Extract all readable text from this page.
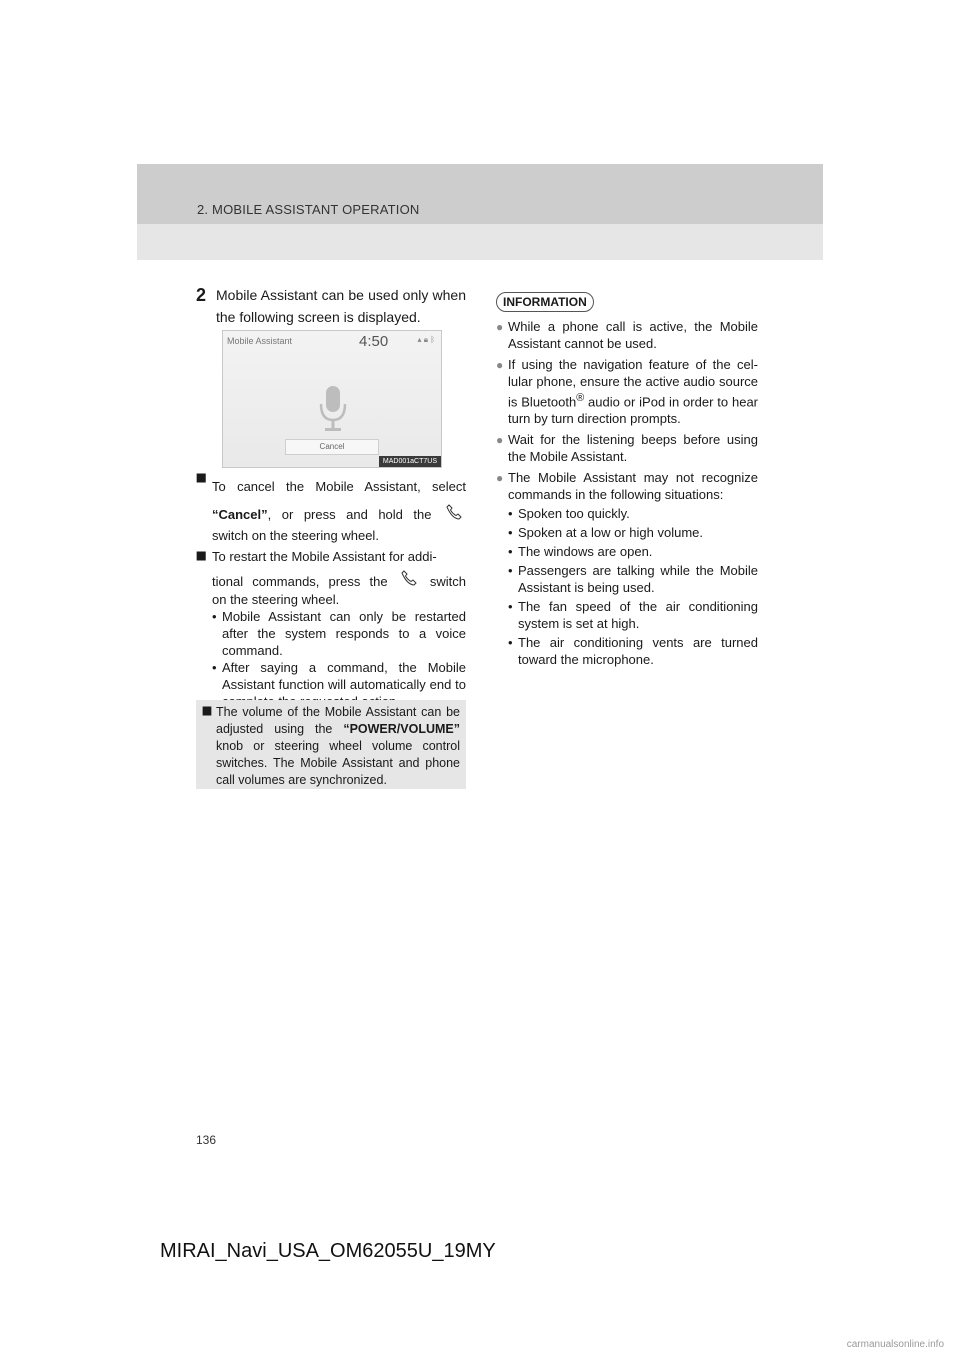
2. MOBILE ASSISTANT OPERATION
2 Mobile Assistant can be used only when the following screen is displayed.
Mobile Assistant	4:50	▴ 🔒︎ ᛒ
Cancel
MAD001aCT7US
⯀
To cancel the Mobile Assistant, select
“Cancel”, or press and hold the
switch on the steering wheel.
⯀ To restart the Mobile Assistant for addi-
tional commands, press the	switch
on the steering wheel.
• Mobile Assistant can only be restarted after the system responds to a voice command.
• After saying a command, the Mobile Assistant function will automatically end to
⯀ The volume of the Mobile Assistant can be adjusted using the “POWER/VOLUME” knob or steering wheel volume control switches. The Mobile Assistant and phone call volumes are synchronized.
INFORMATION
● While a phone call is active, the Mobile Assistant cannot be used.
● If using the navigation feature of the cel- lular phone, ensure the active audio source is Bluetooth® audio or iPod in order to hear turn by turn direction prompts.
● Wait for the listening beeps before using the Mobile Assistant.
● The Mobile Assistant may not recognize commands in the following situations:
• Spoken too quickly.
• Spoken at a low or high volume.
• The windows are open.
• Passengers are talking while the Mobile Assistant is being used.
• The fan speed of the air conditioning system is set at high.
• The air conditioning vents are turned toward the microphone.
136
MIRAI_Navi_USA_OM62055U_19MY
carmanualsonline.info
